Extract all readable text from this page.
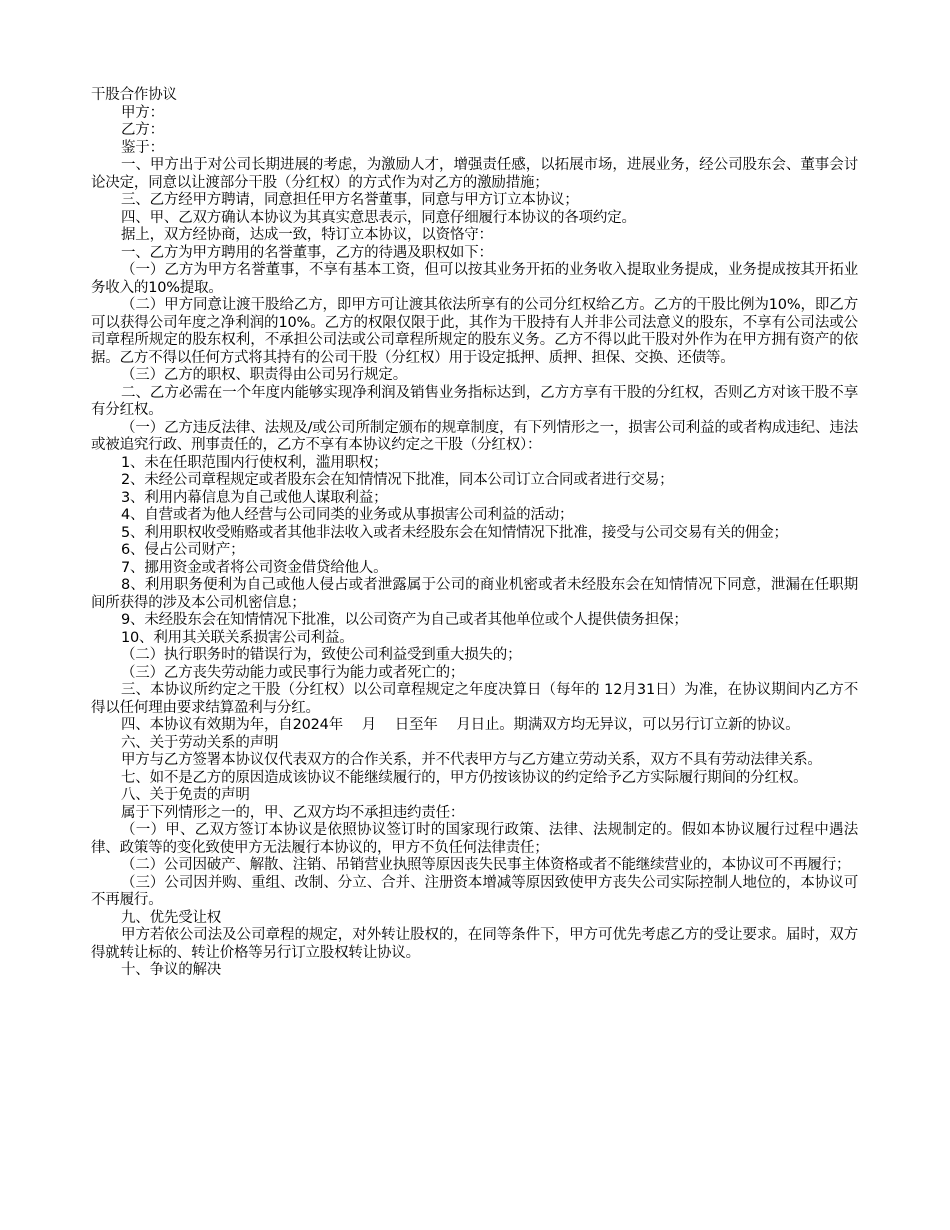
干股合作协议

甲方：

乙方：

鉴于：

一、甲方出于对公司长期进展的考虑，为激励人才，增强责任感，以拓展市场，进展业务，经公司股东会、董事会讨论决定，同意以让渡部分干股（分红权）的方式作为对乙方的激励措施；

三、乙方经甲方聘请，同意担任甲方名誉董事，同意与甲方订立本协议；

四、甲、乙双方确认本协议为其真实意思表示，同意仔细履行本协议的各项约定。

据上，双方经协商，达成一致，特订立本协议，以资恪守：

一、乙方为甲方聘用的名誉董事，乙方的待遇及职权如下：

（一）乙方为甲方名誉董事，不享有基本工资，但可以按其业务开拓的业务收入提取业务提成，业务提成按其开拓业务收入的10%提取。

（二）甲方同意让渡干股给乙方，即甲方可让渡其依法所享有的公司分红权给乙方。乙方的干股比例为10%，即乙方可以获得公司年度之净利润的10%。乙方的权限仅限于此，其作为干股持有人并非公司法意义的股东，不享有公司法或公司章程所规定的股东权利，不承担公司法或公司章程所规定的股东义务。乙方不得以此干股对外作为在甲方拥有资产的依据。乙方不得以任何方式将其持有的公司干股（分红权）用于设定抵押、质押、担保、交换、还债等。

（三）乙方的职权、职责得由公司另行规定。

二、乙方必需在一个年度内能够实现净利润及销售业务指标达到，乙方方享有干股的分红权，否则乙方对该干股不享有分红权。

（一）乙方违反法律、法规及/或公司所制定颁布的规章制度，有下列情形之一，损害公司利益的或者构成违纪、违法或被追究行政、刑事责任的，乙方不享有本协议约定之干股（分红权）：

1、未在任职范围内行使权利，滥用职权；

2、未经公司章程规定或者股东会在知情情况下批准，同本公司订立合同或者进行交易；

3、利用内幕信息为自己或他人谋取利益；

4、自营或者为他人经营与公司同类的业务或从事损害公司利益的活动；

5、利用职权收受贿赂或者其他非法收入或者未经股东会在知情情况下批准，接受与公司交易有关的佣金；

6、侵占公司财产；

7、挪用资金或者将公司资金借贷给他人。

8、利用职务便利为自己或他人侵占或者泄露属于公司的商业机密或者未经股东会在知情情况下同意，泄漏在任职期间所获得的涉及本公司机密信息；

9、未经股东会在知情情况下批准，以公司资产为自己或者其他单位或个人提供债务担保；

10、利用其关联关系损害公司利益。

（二）执行职务时的错误行为，致使公司利益受到重大损失的；

（三）乙方丧失劳动能力或民事行为能力或者死亡的；

三、本协议所约定之干股（分红权）以公司章程规定之年度决算日（每年的 12月31日）为准，在协议期间内乙方不得以任何理由要求结算盈利与分红。

四、本协议有效期为年，自2024年　 月　 日至年　 月日止。期满双方均无异议，可以另行订立新的协议。

六、关于劳动关系的声明

甲方与乙方签署本协议仅代表双方的合作关系，并不代表甲方与乙方建立劳动关系，双方不具有劳动法律关系。

七、如不是乙方的原因造成该协议不能继续履行的，甲方仍按该协议的约定给予乙方实际履行期间的分红权。

八、关于免责的声明

属于下列情形之一的，甲、乙双方均不承担违约责任：

（一）甲、乙双方签订本协议是依照协议签订时的国家现行政策、法律、法规制定的。假如本协议履行过程中遇法律、政策等的变化致使甲方无法履行本协议的，甲方不负任何法律责任；

（二）公司因破产、解散、注销、吊销营业执照等原因丧失民事主体资格或者不能继续营业的，本协议可不再履行；

（三）公司因并购、重组、改制、分立、合并、注册资本增减等原因致使甲方丧失公司实际控制人地位的，本协议可不再履行。

九、优先受让权

甲方若依公司法及公司章程的规定，对外转让股权的，在同等条件下，甲方可优先考虑乙方的受让要求。届时，双方得就转让标的、转让价格等另行订立股权转让协议。

十、争议的解决
